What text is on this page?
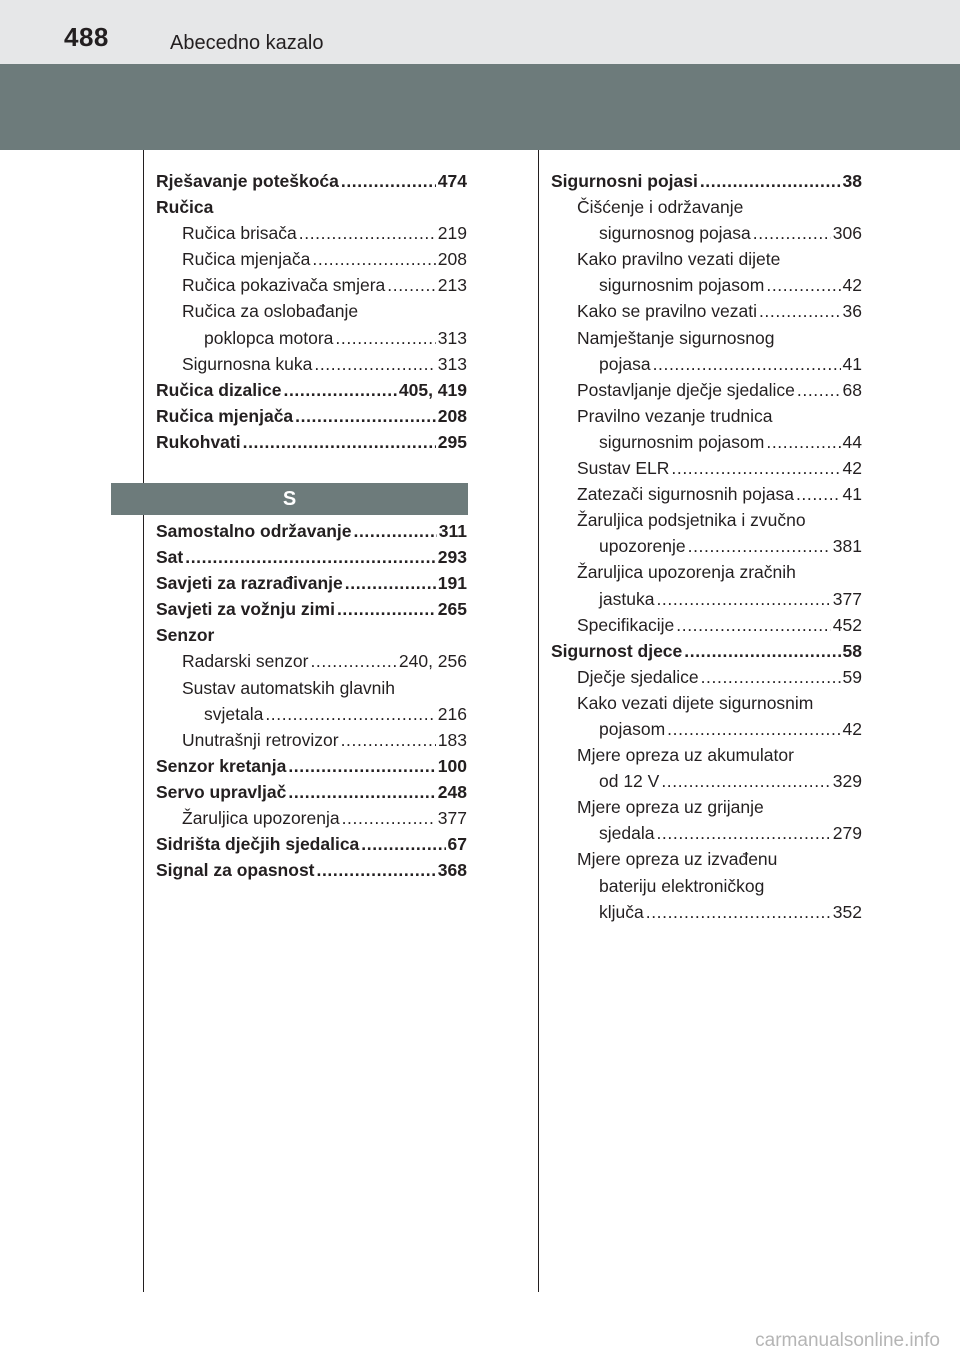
488	Abecedno kazalo
Rješavanje poteškoća .....	474
Ručica
Ručica brisača .....	219
Ručica mjenjača .....	208
Ručica pokazivača smjera .....	213
Ručica za oslobađanje
poklopca motora .....	313
Sigurnosna kuka .....	313
Ručica dizalice .....	405, 419
Ručica mjenjača .....	208
Rukohvati .....	295
S
Samostalno održavanje .....	311
Sat .....	293
Savjeti za razrađivanje .....	191
Savjeti za vožnju zimi .....	265
Senzor
Radarski senzor .....	240, 256
Sustav automatskih glavnih
svjetala .....	216
Unutrašnji retrovizor .....	183
Senzor kretanja .....	100
Servo upravljač .....	248
Žaruljica upozorenja .....	377
Sidrišta dječjih sjedalica .....	67
Signal za opasnost .....	368
Sigurnosni pojasi .....	38
Čišćenje i održavanje
sigurnosnog pojasa .....	306
Kako pravilno vezati dijete
sigurnosnim pojasom .....	42
Kako se pravilno vezati .....	36
Namještanje sigurnosnog
pojasa .....	41
Postavljanje dječje sjedalice .....	68
Pravilno vezanje trudnica
sigurnosnim pojasom .....	44
Sustav ELR .....	42
Zatezači sigurnosnih pojasa .....	41
Žaruljica podsjetnika i zvučno
upozorenje .....	381
Žaruljica upozorenja zračnih
jastuka .....	377
Specifikacije .....	452
Sigurnost djece .....	58
Dječje sjedalice .....	59
Kako vezati dijete sigurnosnim
pojasom .....	42
Mjere opreza uz akumulator
od 12 V .....	329
Mjere opreza uz grijanje
sjedala .....	279
Mjere opreza uz izvađenu
bateriju elektroničkog
ključa .....	352
carmanualsonline.info
